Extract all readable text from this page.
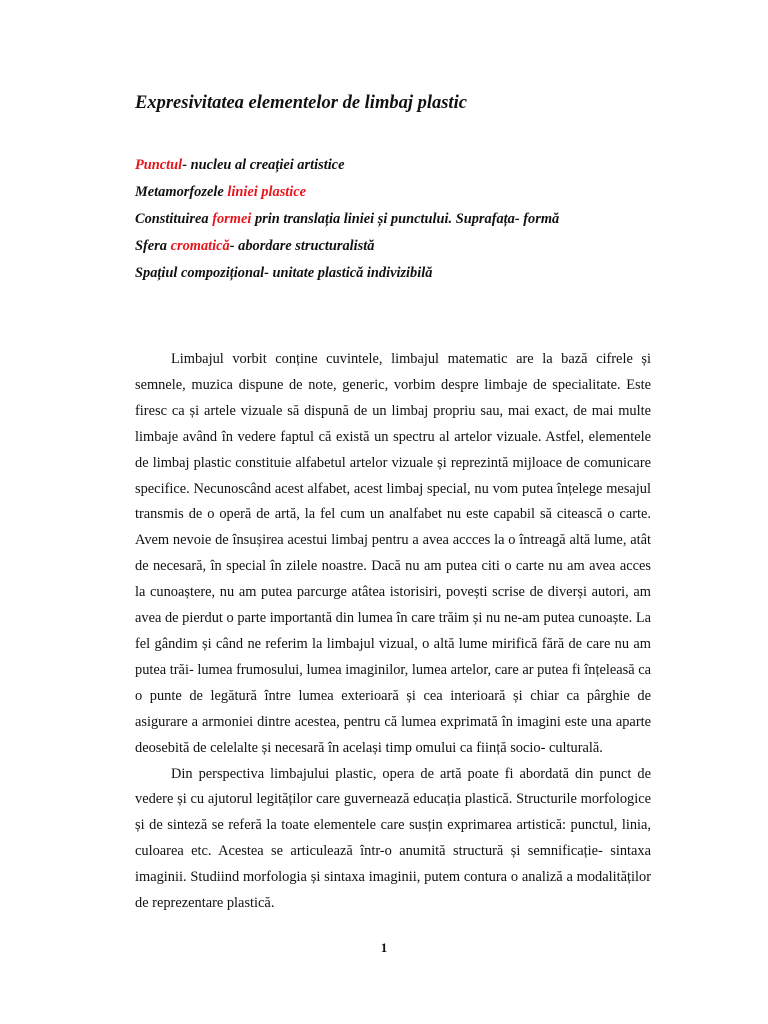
Expresivitatea elementelor de limbaj plastic
Punctul- nucleu al creației artistice
Metamorfozele liniei plastice
Constituirea formei prin translația liniei și punctului. Suprafața- formă
Sfera cromatică- abordare structuralistă
Spațiul compozițional- unitate plastică indivizibilă

Limbajul vorbit conține cuvintele, limbajul matematic are la bază cifrele și semnele, muzica dispune de note, generic, vorbim despre limbaje de specialitate. Este firesc ca și artele vizuale să dispună de un limbaj propriu sau, mai exact, de mai multe limbaje având în vedere faptul că există un spectru al artelor vizuale. Astfel, elementele de limbaj plastic constituie alfabetul artelor vizuale și reprezintă mijloace de comunicare specifice. Necunoscând acest alfabet, acest limbaj special, nu vom putea înțelege mesajul transmis de o operă de artă, la fel cum un analfabet nu este capabil să citească o carte. Avem nevoie de însușirea acestui limbaj pentru a avea accces la o întreagă altă lume, atât de necesară, în special în zilele noastre. Dacă nu am putea citi o carte nu am avea acces la cunoaștere, nu am putea parcurge atâtea istorisiri, povești scrise de diverși autori, am avea de pierdut o parte importantă din lumea în care trăim și nu ne-am putea cunoaște. La fel gândim și când ne referim la limbajul vizual, o altă lume mirifică fără de care nu am putea trăi- lumea frumosului, lumea imaginilor, lumea artelor, care ar putea fi înțeleasă ca o punte de legătură între lumea exterioară și cea interioară și chiar ca pârghie de asigurare a armoniei dintre acestea, pentru că lumea exprimată în imagini este una aparte deosebită de celelalte și necesară în același timp omului ca ființă socio- culturală.

Din perspectiva limbajului plastic, opera de artă poate fi abordată din punct de vedere și cu ajutorul legităților care guvernează educația plastică. Structurile morfologice și de sinteză se referă la toate elementele care susțin exprimarea artistică: punctul, linia, culoarea etc. Acestea se articulează într-o anumită structură și semnificație- sintaxa imaginii. Studiind morfologia și sintaxa imaginii, putem contura o analiză a modalităților de reprezentare plastică.

1
